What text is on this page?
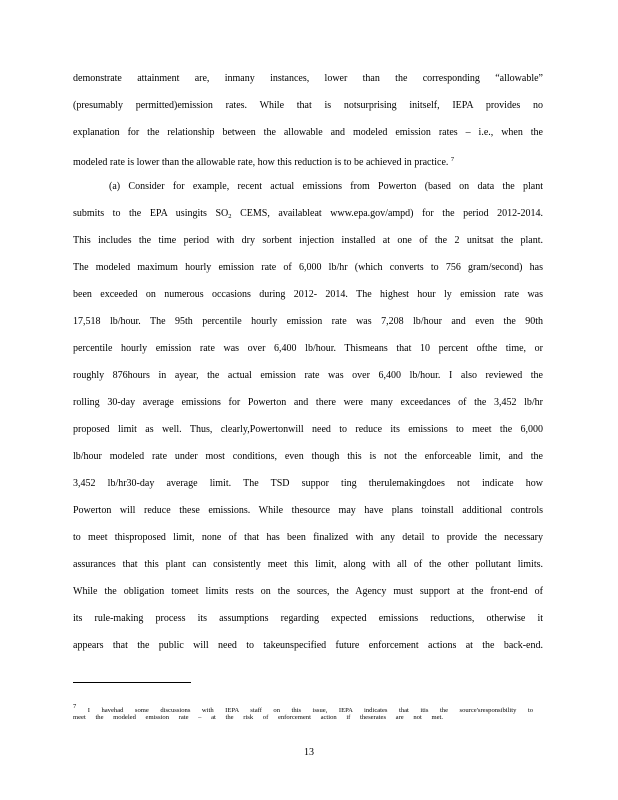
demonstrate attainment are, inmany instances, lower than the corresponding “allowable”
(presumably permitted)emission rates. While that is notsurprising initself, IEPA provides no
explanation for the relationship between the allowable and modeled emission rates – i.e., when the
modeled rate is lower than the allowable rate, how this reduction is to be achieved in practice. $^7$
(a) Consider for example, recent actual emissions from Powerton (based on data the plant
submits to the EPA usingits $SO_2$ CEMS, availableat www.epa.gov/ampd) for the period 2012-2014.
This includes the time period with dry sorbent injection installed at one of the 2 unitsat the plant.
The modeled maximum hourly emission rate of 6,000 lb/hr (which converts to 756 gram/second) has
been exceeded on numerous occasions during 2012- 2014. The highest hour ly emission rate was
17,518 lb/hour. The 95th percentile hourly emission rate was 7,208 lb/hour and even the 90th
percentile hourly emission rate was over 6,400 lb/hour. Thismeans that 10 percent ofthe time, or
roughly 876hours in ayear, the actual emission rate was over 6,400 lb/hour. I also reviewed the
rolling 30-day average emissions for Powerton and there were many exceedances of the 3,452 lb/hr
proposed limit as well. Thus, clearly,Powertonwill need to reduce its emissions to meet the 6,000
lb/hour modeled rate under most conditions, even though this is not the enforceable limit, and the
3,452 lb/hr30-day average limit. The TSD suppor ting therulemakingdoes not indicate how
Powerton will reduce these emissions. While thesource may have plans toinstall additional controls
to meet thisproposed limit, none of that has been finalized with any detail to provide the necessary
assurances that this plant can consistently meet this limit, along with all of the other pollutant limits.
While the obligation tomeet limits rests on the sources, the Agency must support at the front-end of
its rule-making process its assumptions regarding expected emissions reductions, otherwise it
appears that the public will need to takeunspecified future enforcement actions at the back-end.
7 I havehad some discussions with IEPA staff on this issue, IEPA indicates that itis the source'sresponsibility to
meet the modeled emission rate – at the risk of enforcement action if theserates are not met.
13
